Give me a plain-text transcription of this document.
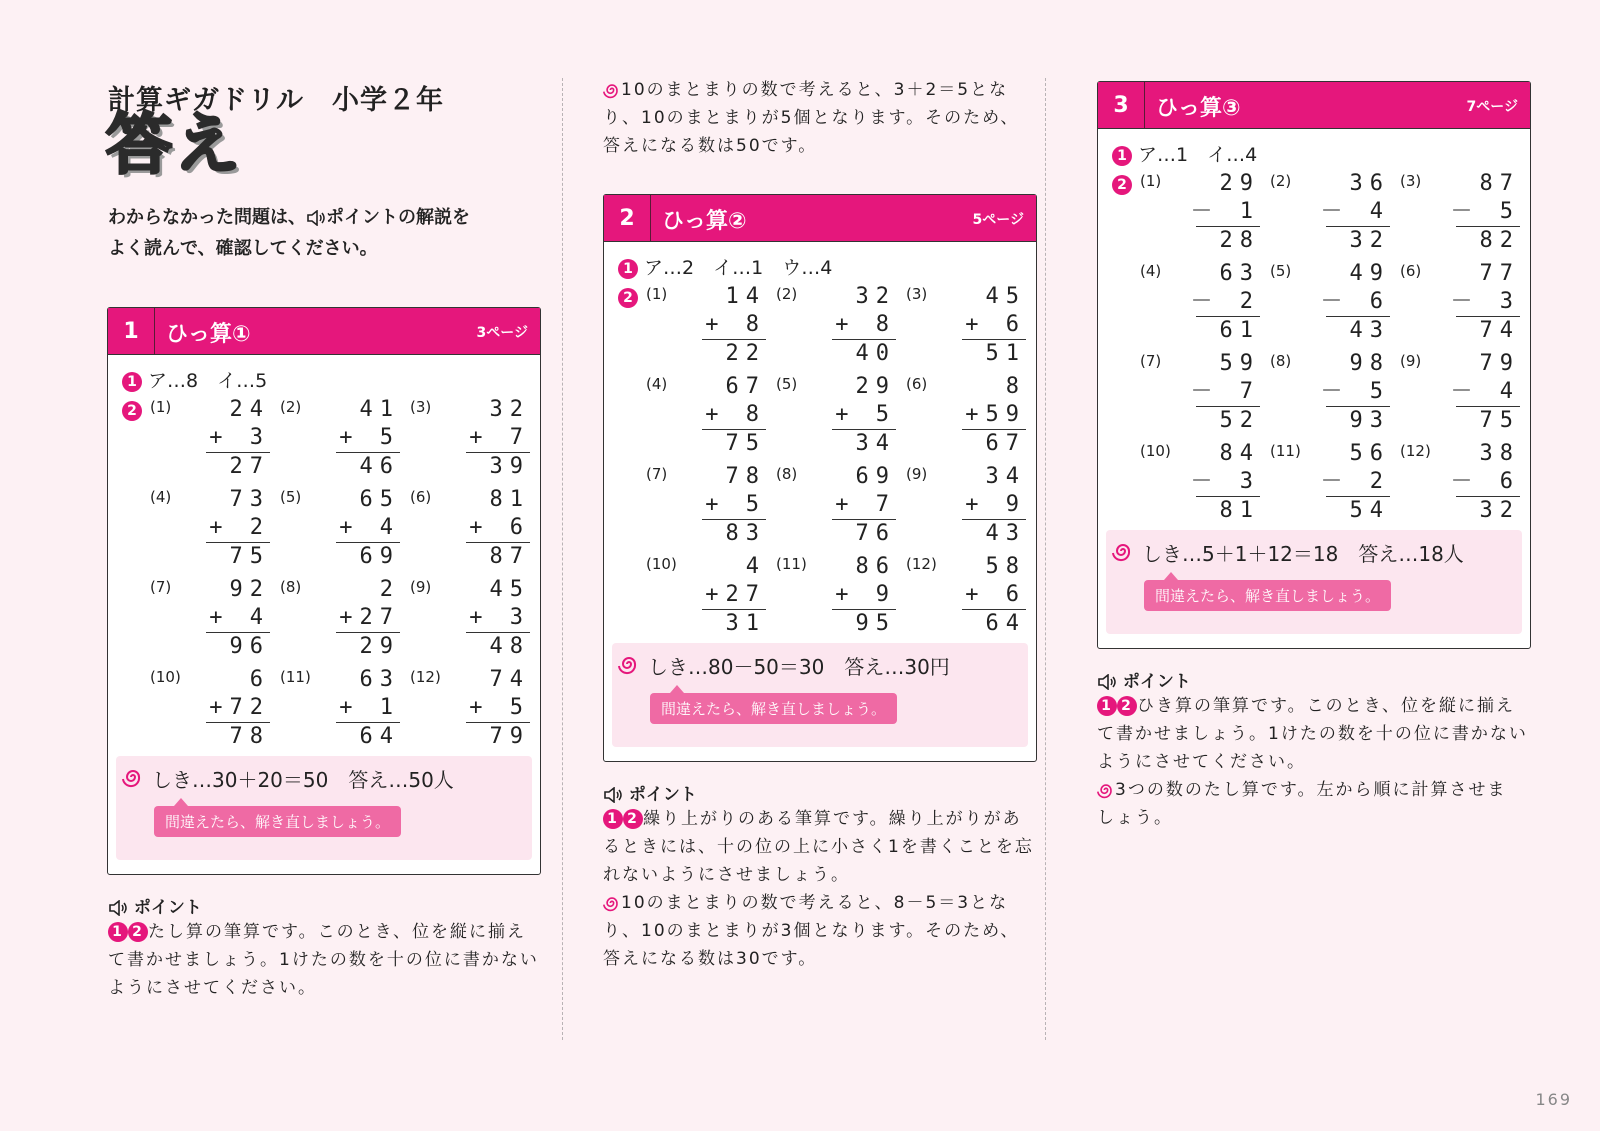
計算ギガドリル　小学２年
答え
わからなかった問題は、 ポイントの解説を
よく読んで、確認してください。
1	ひっ算①	3ページ
1 ア…8　イ…5
2 (1)	24
+ 3
27
(2)	41
+ 5
46
(3)	32
+ 7
39
(4)	73
+ 2
75
(5)	65
+ 4
69
(6)	81
+ 6
87
(7)	92
+ 4
96
(8)	2
+27
29
(9)	45
+ 3
48
(10)	6
+72
78
(11)	63
+ 1
64
(12)	74
+ 5
79
しき…30＋20＝50　答え…50人
間違えたら、解き直しましょう。
2	ひっ算②	5ページ
1 ア…2　イ…1　ウ…4
2 (1)	14
+ 8
22
(2)	32
+ 8
40
(3)	45
+ 6
51
(4)	67
+ 8
75
(5)	29
+ 5
34
(6)	8
+59
67
(7)	78
+ 5
83
(8)	69
+ 7
76
(9)	34
+ 9
43
(10)	4
+27
31
(11)	86
+ 9
95
(12)	58
+ 6
64
しき…80－50＝30　答え…30円
間違えたら、解き直しましょう。
3	ひっ算③	7ページ
1 ア…1　イ…4
2 (1)	29
－ 1
28
(2)	36
－ 4
32
(3)	87
－ 5
82
(4)	63
－ 2
61
(5)	49
－ 6
43
(6)	77
－ 3
74
(7)	59
－ 7
52
(8)	98
－ 5
93
(9)	79
－ 4
75
(10)	84
－ 3
81
(11)	56
－ 2
54
(12)	38
－ 6
32
しき…5＋1＋12＝18　答え…18人
間違えたら、解き直しましょう。
ポイント
1 2 たし算の筆算です。このとき、位を縦に揃え
て書かせましょう。1けたの数を十の位に書かない
ようにさせてください。
10のまとまりの数で考えると、3＋2＝5とな
り、10のまとまりが5個となります。そのため、
答えになる数は50です。
ポイント
1 2 繰り上がりのある筆算です。繰り上がりがあ
るときには、十の位の上に小さく1を書くことを忘
れないようにさせましょう。
10のまとまりの数で考えると、8－5＝3とな
り、10のまとまりが3個となります。そのため、
答えになる数は30です。
ポイント
1 2 ひき算の筆算です。このとき、位を縦に揃え
て書かせましょう。1けたの数を十の位に書かない
ようにさせてください。
3つの数のたし算です。左から順に計算させま
しょう。
169
